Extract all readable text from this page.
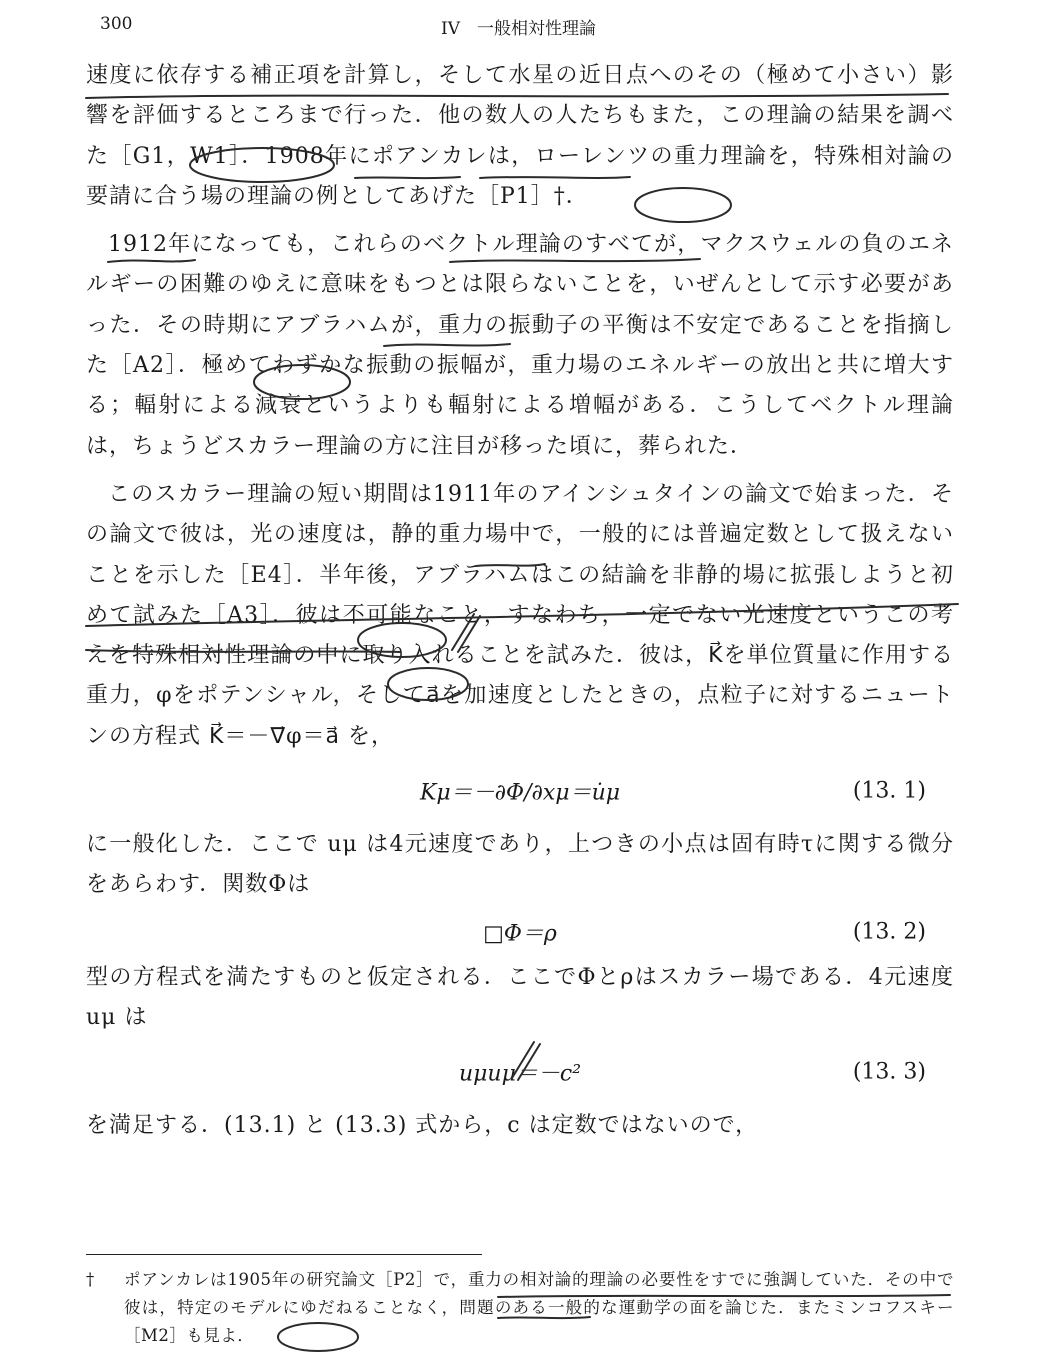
300	IV　一般相対性理論

速度に依存する補正項を計算し，そして水星の近日点へのその（極めて小さい）影響を評価するところまで行った．他の数人の人たちもまた，この理論の結果を調べた［G1，W1］．1908年にポアンカレは，ローレンツの重力理論を，特殊相対論の要請に合う場の理論の例としてあげた［P1］†．

1912年になっても，これらのベクトル理論のすべてが，マクスウェルの負のエネルギーの困難のゆえに意味をもつとは限らないことを，いぜんとして示す必要があった．その時期にアブラハムが，重力の振動子の平衡は不安定であることを指摘した［A2］．極めてわずかな振動の振幅が，重力場のエネルギーの放出と共に増大する；輻射による減衰というよりも輻射による増幅がある．こうしてベクトル理論は，ちょうどスカラー理論の方に注目が移った頃に，葬られた．

このスカラー理論の短い期間は1911年のアインシュタインの論文で始まった．その論文で彼は，光の速度は，静的重力場中で，一般的には普遍定数として扱えないことを示した［E4］．半年後，アブラハムはこの結論を非静的場に拡張しようと初めて試みた［A3］．彼は不可能なこと，すなわち，一定でない光速度というこの考えを特殊相対性理論の中に取り入れることを試みた．彼は，K⃗を単位質量に作用する重力，φをポテンシャル，そしてa⃗を加速度としたときの，点粒子に対するニュートンの方程式 K⃗＝－∇⃗φ＝a⃗ を，

Kμ＝－∂Φ/∂xμ＝u̇μ	(13. 1)

に一般化した．ここで uμ は4元速度であり，上つきの小点は固有時τに関する微分をあらわす．関数Φは

□Φ＝ρ	(13. 2)

型の方程式を満たすものと仮定される．ここでΦとρはスカラー場である．4元速度 uμ は

uμuμ＝－c²	(13. 3)

を満足する．(13.1) と (13.3) 式から，c は定数ではないので，

† ポアンカレは1905年の研究論文［P2］で，重力の相対論的理論の必要性をすでに強調していた．その中で彼は，特定のモデルにゆだねることなく，問題のある一般的な運動学の面を論じた．またミンコフスキー［M2］も見よ．
